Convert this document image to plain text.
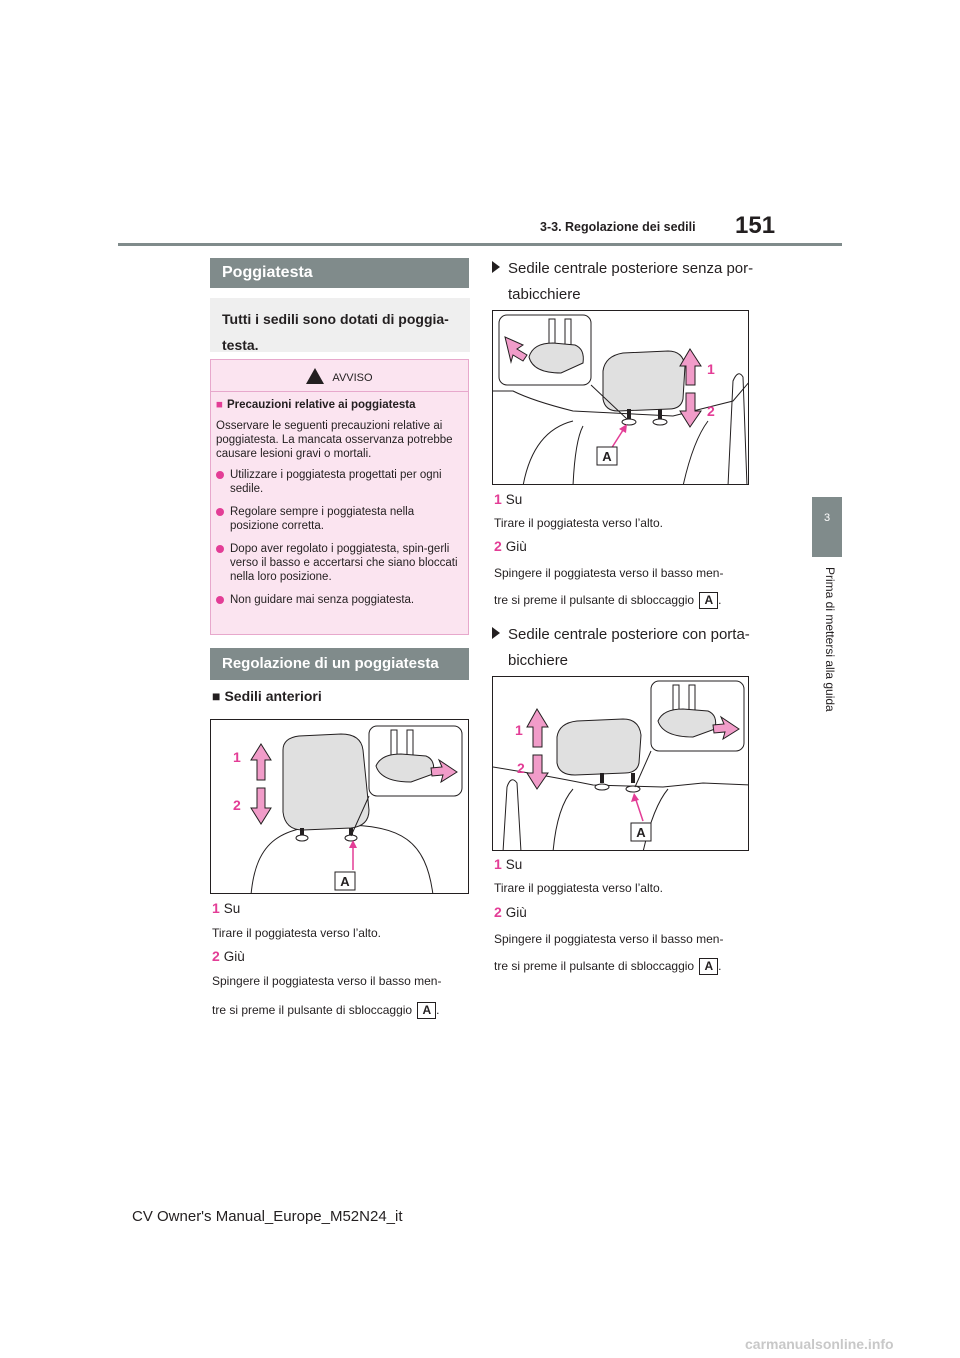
3-3. Regolazione dei sedili 151
3
Prima di mettersi alla guida
Poggiatesta
Tutti i sedili sono dotati di poggia-testa.
AVVISO

■ Precauzioni relative ai poggiatesta

Osservare le seguenti precauzioni relative ai poggiatesta. La mancata osservanza potrebbe causare lesioni gravi o mortali.

Utilizzare i poggiatesta progettati per ogni sedile.

Regolare sempre i poggiatesta nella posizione corretta.

Dopo aver regolato i poggiatesta, spin-gerli verso il basso e accertarsi che siano bloccati nella loro posizione.

Non guidare mai senza poggiatesta.

Regolazione di un poggiatesta
■ Sedili anteriori
1
2
A
1 Su
Tirare il poggiatesta verso l’alto.
2 Giù
Spingere il poggiatesta verso il basso men-
tre si preme il pulsante di sbloccaggio A .
Sedile centrale posteriore senza por-
tabicchiere
1
2
A
1 Su
Tirare il poggiatesta verso l’alto.
2 Giù
Spingere il poggiatesta verso il basso men-
tre si preme il pulsante di sbloccaggio A .
Sedile centrale posteriore con porta-
bicchiere
1
2
A
1 Su
Tirare il poggiatesta verso l’alto.
2 Giù
Spingere il poggiatesta verso il basso men-
tre si preme il pulsante di sbloccaggio A .
CV Owner's Manual_Europe_M52N24_it
carmanualsonline.info
